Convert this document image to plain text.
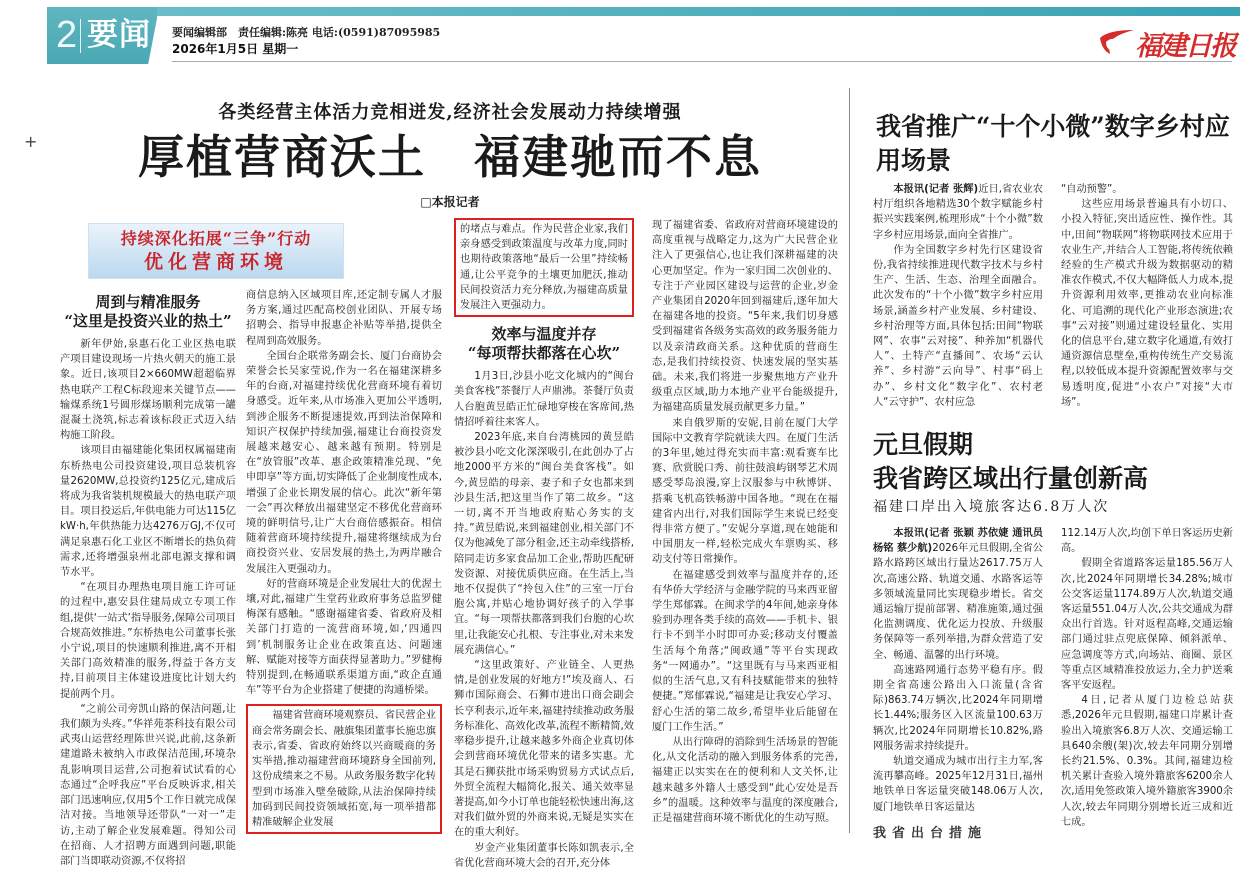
2 要闻 要闻编辑部　责任编辑:陈亮 电话:(0591)87095985
2026年1月5日 星期一	福建日报
+
各类经营主体活力竞相迸发,经济社会发展动力持续增强
厚植营商沃土　福建驰而不息
□本报记者
持续深化拓展“三争”行动
优化营商环境
周到与精准服务
“这里是投资兴业的热土”

新年伊始,泉惠石化工业区热电联产项目建设现场一片热火朝天的施工景象。近日,该项目2×660MW超超临界热电联产工程C标段迎来关键节点——输煤系统1号圆形煤场顺利完成第一罐混凝土浇筑,标志着该标段正式迈入结构施工阶段。

该项目由福建能化集团权属福建南东桥热电公司投资建设,项目总装机容量2620MW,总投资约125亿元,建成后将成为我省装机规模最大的热电联产项目。项目投运后,年供电能力可达115亿kW·h,年供热能力达4276万GJ,不仅可满足泉惠石化工业区不断增长的热负荷需求,还将增强泉州北部电源支撑和调节水平。

“在项目办理热电项目施工许可证的过程中,惠安县住建局成立专项工作组,提供‘一站式’指导服务,保障公司项目合规高效推进。”东桥热电公司董事长张小宁说,项目的快速顺利推进,离不开相关部门高效精准的服务,得益于各方支持,目前项目主体建设进度比计划大约提前两个月。

“之前公司旁凯山路的保洁问题,让我们颇为头疼。”华祥苑茶科技有限公司武夷山运营经理陈世兴说,此前,这条新建道路未被纳入市政保洁范围,环境杂乱影响项目运营,公司抱着试试看的心态通过“企呼我应”平台反映诉求,相关部门迅速响应,仅用5个工作日就完成保洁对接。当地领导还带队“一对一”走访,主动了解企业发展难题。得知公司在招商、人才招聘方面遇到问题,职能部门当即联动资源,不仅将招

商信息纳入区域项目库,还定制专属人才服务方案,通过匹配高校创业团队、开展专场招聘会、指导申报惠企补贴等举措,提供全程周到高效服务。

全国台企联常务副会长、厦门台商协会荣誉会长吴家莹说,作为一名在福建深耕多年的台商,对福建持续优化营商环境有着切身感受。近年来,从市场准入更加公平透明,到涉企服务不断提速提效,再到法治保障和知识产权保护持续加强,福建让台商投资发展越来越安心、越来越有预期。特别是在“放管服”改革、惠企政策精准兑现、“免申即享”等方面,切实降低了企业制度性成本,增强了企业长期发展的信心。此次“新年第一会”再次释放出福建坚定不移优化营商环境的鲜明信号,让广大台商倍感振奋。相信随着营商环境持续提升,福建将继续成为台商投资兴业、安居发展的热土,为两岸融合发展注入更强动力。

好的营商环境是企业发展壮大的优渥土壤,对此,福建广生堂药业政府事务总监罗健梅深有感触。“感谢福建省委、省政府及相关部门打造的一流营商环境,如,‘四通四到’机制服务让企业在政策直达、问题速解、赋能对接等方面获得显著助力。”罗健梅特别提到,在畅通联系渠道方面,“政企直通车”等平台为企业搭建了便捷的沟通桥梁。

福建省营商环境观察员、省民营企业商会常务副会长、融旗集团董事长施忠旗表示,省委、省政府始终以兴商暖商的务实举措,推动福建营商环境跻身全国前列,这份成绩来之不易。从政务服务数字化转型到市场准入壁垒破除,从法治保障持续加码到民间投资领域拓宽,每一项举措都精准破解企业发展

的堵点与难点。作为民营企业家,我们亲身感受到政策温度与改革力度,同时也期待政策落地“最后一公里”持续畅通,让公平竞争的土壤更加肥沃,推动民间投资活力充分释放,为福建高质量发展注入更强动力。

效率与温度并存
“每项帮扶都落在心坎”

1月3日,沙县小吃文化城内的“闽台美食客栈”茶餐厅人声鼎沸。茶餐厅负责人台胞黄昱皓正忙碌地穿梭在客席间,热情招呼着往来客人。

2023年底,来自台湾桃园的黄昱皓被沙县小吃文化深深吸引,在此创办了占地2000平方米的“闽台美食客栈”。如今,黄昱皓的母亲、妻子和子女也都来到沙县生活,把这里当作了第二故乡。“这一切,离不开当地政府贴心务实的支持。”黄昱皓说,来到福建创业,相关部门不仅为他减免了部分租金,还主动牵线搭桥,陪同走访多家食品加工企业,帮助匹配研发资源、对接优质供应商。在生活上,当地不仅提供了“拎包入住”的三室一厅台胞公寓,并贴心地协调好孩子的入学事宜。“每一项帮扶都落到我们台胞的心坎里,让我能安心扎根、专注事业,对未来发展充满信心。”

“这里政策好、产业链全、人更热情,是创业发展的好地方!”埃及商人、石狮市国际商会、石狮市进出口商会副会长亨利表示,近年来,福建持续推动政务服务标准化、高效化改革,流程不断精简,效率稳步提升,让越来越多外商企业真切体会到营商环境优化带来的诸多实惠。尤其是石狮获批市场采购贸易方式试点后,外贸全流程大幅简化,报关、通关效率显著提高,如今小订单也能轻松快速出海,这对我们做外贸的外商来说,无疑是实实在在的重大利好。

岁金产业集团董事长陈如凯表示,全省优化营商环境大会的召开,充分体

现了福建省委、省政府对营商环境建设的高度重视与战略定力,这为广大民营企业注入了更强信心,也让我们深耕福建的决心更加坚定。作为一家归国二次创业的、专注于产业园区建设与运营的企业,岁金产业集团自2020年回到福建后,逐年加大在福建各地的投资。“5年来,我们切身感受到福建省各级务实高效的政务服务能力以及亲清政商关系。这种优质的营商生态,是我们持续投资、快速发展的坚实基础。未来,我们将进一步聚焦地方产业升级重点区域,助力本地产业平台能级提升,为福建高质量发展贡献更多力量。”

来自俄罗斯的安妮,目前在厦门大学国际中文教育学院就读大四。在厦门生活的3年里,她过得充实而丰富:观看赛车比赛、欣赏脱口秀、前往鼓浪屿钢琴艺术周感受琴岛浪漫,穿上汉服参与中秋博饼、搭乘飞机高铁畅游中国各地。“现在在福建省内出行,对我们国际学生来说已经变得非常方便了。”安妮分享道,现在她能和中国朋友一样,轻松完成火车票购买、移动支付等日常操作。

在福建感受到效率与温度并存的,还有华侨大学经济与金融学院的马来西亚留学生郑郁霖。在闽求学的4年间,她亲身体验到办理各类手续的高效——手机卡、银行卡不到半小时即可办妥;移动支付覆盖生活每个角落;“闽政通”等平台实现政务“一网通办”。“这里既有与马来西亚相似的生活气息,又有科技赋能带来的独特便捷。”郑郁霖说,“福建是让我安心学习、舒心生活的第二故乡,希望毕业后能留在厦门工作生活。”

从出行障碍的消除到生活场景的智能化,从文化活动的融入到服务体系的完善,福建正以实实在在的便利和人文关怀,让越来越多外籍人士感受到“此心安处是吾乡”的温暖。这种效率与温度的深度融合,正是福建营商环境不断优化的生动写照。

我省推广“十个小微”数字乡村应用场景

本报讯(记者 张辉)近日,省农业农村厅组织各地精选30个数字赋能乡村振兴实践案例,梳理形成“十个小微”数字乡村应用场景,面向全省推广。

作为全国数字乡村先行区建设省份,我省持续推进现代数字技术与乡村生产、生活、生态、治理全面融合。此次发布的“十个小微”数字乡村应用场景,涵盖乡村产业发展、乡村建设、乡村治理等方面,具体包括:田间“物联网”、农事“云对接”、种养加“机器代人”、土特产“直播间”、农场“云认养”、乡村游“云向导”、村事“码上办”、乡村文化“数字化”、农村老人“云守护”、农村应急

“自动预警”。

这些应用场景普遍具有小切口、小投入特征,突出适应性、操作性。其中,田间“物联网”将物联网技术应用于农业生产,并结合人工智能,将传统依赖经验的生产模式升级为数据驱动的精准农作模式,不仅大幅降低人力成本,提升资源利用效率,更推动农业向标准化、可追溯的现代化产业形态演进;农事“云对接”则通过建设轻量化、实用化的信息平台,建立数字化通道,有效打通资源信息壁垒,重构传统生产交易流程,以较低成本提升资源配置效率与交易透明度,促进“小农户”对接“大市场”。

元旦假期
我省跨区域出行量创新高
福建口岸出入境旅客达6.8万人次

本报讯(记者 张颖 苏依婕 通讯员 杨铭 蔡少航)2026年元旦假期,全省公路水路跨区域出行量达2617.75万人次,高速公路、轨道交通、水路客运等多领域流量同比实现稳步增长。省交通运输厅提前部署、精准施策,通过强化监测调度、优化运力投放、升级服务保障等一系列举措,为群众营造了安全、畅通、温馨的出行环境。

高速路网通行态势平稳有序。假期全省高速公路出入口流量(含省际)863.74万辆次,比2024年同期增长1.44%;服务区入区流量100.63万辆次,比2024年同期增长10.82%,路网服务需求持续提升。

轨道交通成为城市出行主力军,客流再攀高峰。2025年12月31日,福州地铁单日客运量突破148.06万人次,厦门地铁单日客运量达

112.14万人次,均创下单日客运历史新高。

假期全省道路客运量185.56万人次,比2024年同期增长34.28%;城市公交客运量1174.89万人次,轨道交通客运量551.04万人次,公共交通成为群众出行首选。针对返程高峰,交通运输部门通过驻点兜底保障、倾斜派单、应急调度等方式,向场站、商圈、景区等重点区域精准投放运力,全力护送乘客平安返程。

4日,记者从厦门边检总站获悉,2026年元旦假期,福建口岸累计查验出入境旅客6.8万人次、交通运输工具640余艘(架)次,较去年同期分别增长约21.5%、0.3%。其间,福建边检机关累计查验入境外籍旅客6200余人次,适用免签政策入境外籍旅客3900余人次,较去年同期分别增长近三成和近七成。

我省出台措施
